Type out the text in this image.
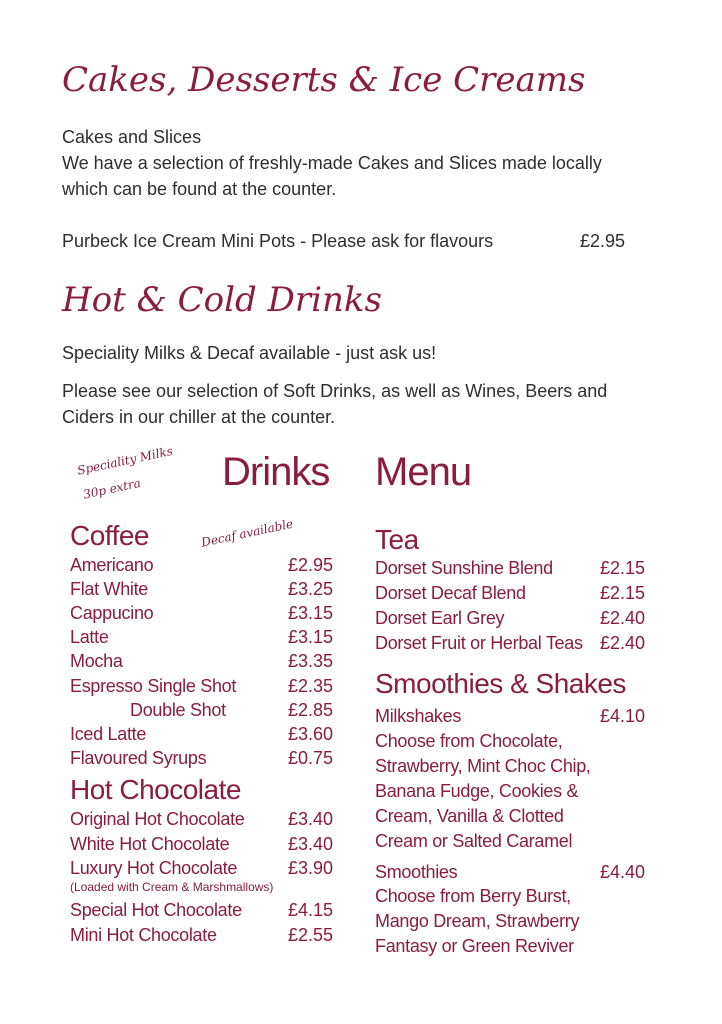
Cakes, Desserts & Ice Creams
Cakes and Slices
We have a selection of freshly-made Cakes and Slices made locally
which can be found at the counter.
Purbeck Ice Cream Mini Pots - Please ask for flavours	£2.95
Hot & Cold Drinks
Speciality Milks & Decaf available - just ask us!
Please see our selection of Soft Drinks, as well as Wines, Beers and
Ciders in our chiller at the counter.
Speciality Milks
30p extra Drinks Menu
Decaf available
Coffee
Americano	£2.95
Flat White	£3.25
Cappucino	£3.15
Latte	£3.15
Mocha	£3.35
Espresso Single Shot	£2.35
Double Shot	£2.85
Iced Latte	£3.60
Flavoured Syrups	£0.75
Hot Chocolate
Original Hot Chocolate £3.40
White Hot Chocolate	£3.40
Luxury Hot Chocolate	£3.90
(Loaded with Cream & Marshmallows)
Special Hot Chocolate	£4.15
Mini Hot Chocolate	£2.55
Tea
Dorset Sunshine Blend	£2.15
Dorset Decaf Blend	£2.15
Dorset Earl Grey	£2.40
Dorset Fruit or Herbal Teas £2.40
Smoothies & Shakes
Milkshakes	£4.10
Choose from Chocolate,
Strawberry, Mint Choc Chip,
Banana Fudge, Cookies &
Cream, Vanilla & Clotted
Cream or Salted Caramel
Smoothies	£4.40
Choose from Berry Burst,
Mango Dream, Strawberry
Fantasy or Green Reviver
